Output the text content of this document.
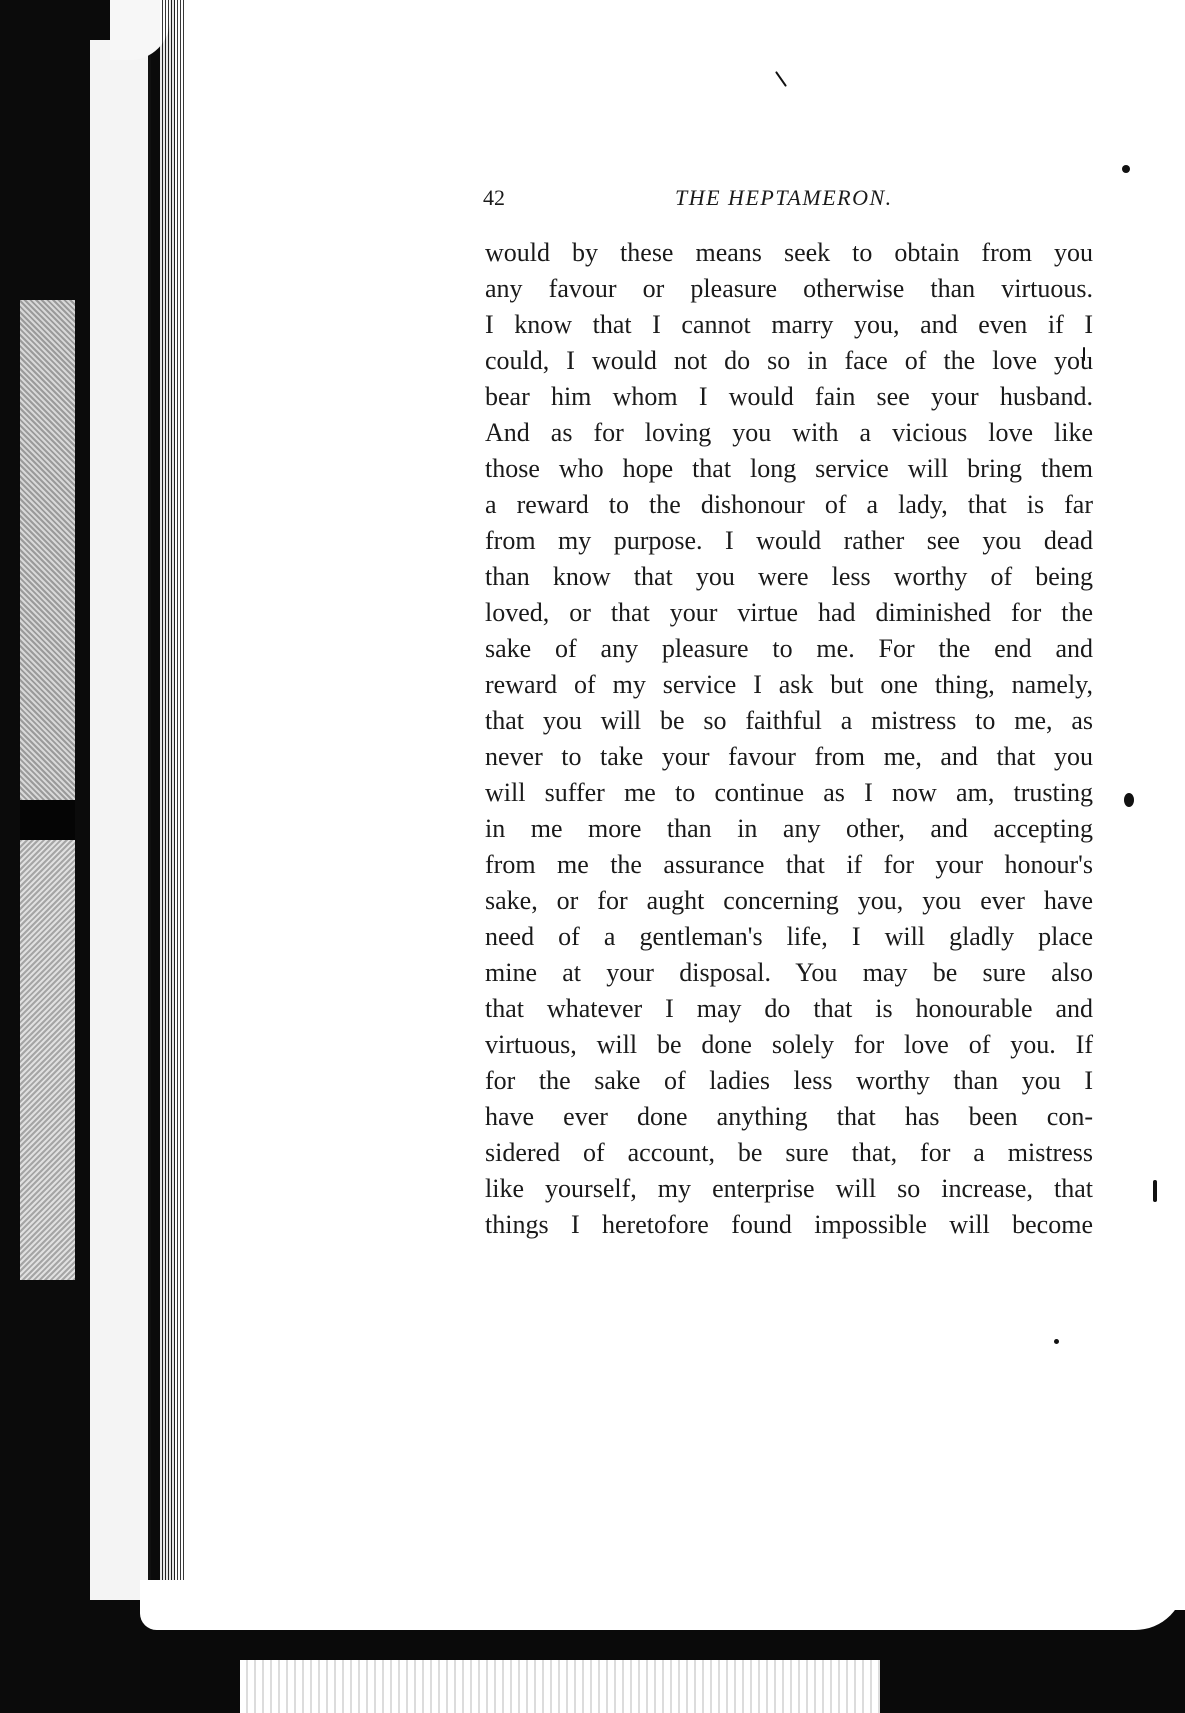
42	THE HEPTAMERON.
would by these means seek to obtain from you
any favour or pleasure otherwise than virtuous.
I know that I cannot marry you, and even if I
could, I would not do so in face of the love you
bear him whom I would fain see your husband.
And as for loving you with a vicious love like
those who hope that long service will bring them
a reward to the dishonour of a lady, that is far
from my purpose. I would rather see you dead
than know that you were less worthy of being
loved, or that your virtue had diminished for the
sake of any pleasure to me. For the end and
reward of my service I ask but one thing, namely,
that you will be so faithful a mistress to me, as
never to take your favour from me, and that you
will suffer me to continue as I now am, trusting
in me more than in any other, and accepting
from me the assurance that if for your honour's
sake, or for aught concerning you, you ever have
need of a gentleman's life, I will gladly place
mine at your disposal. You may be sure also
that whatever I may do that is honourable and
virtuous, will be done solely for love of you. If
for the sake of ladies less worthy than you I
have ever done anything that has been con-
sidered of account, be sure that, for a mistress
like yourself, my enterprise will so increase, that
things I heretofore found impossible will become
